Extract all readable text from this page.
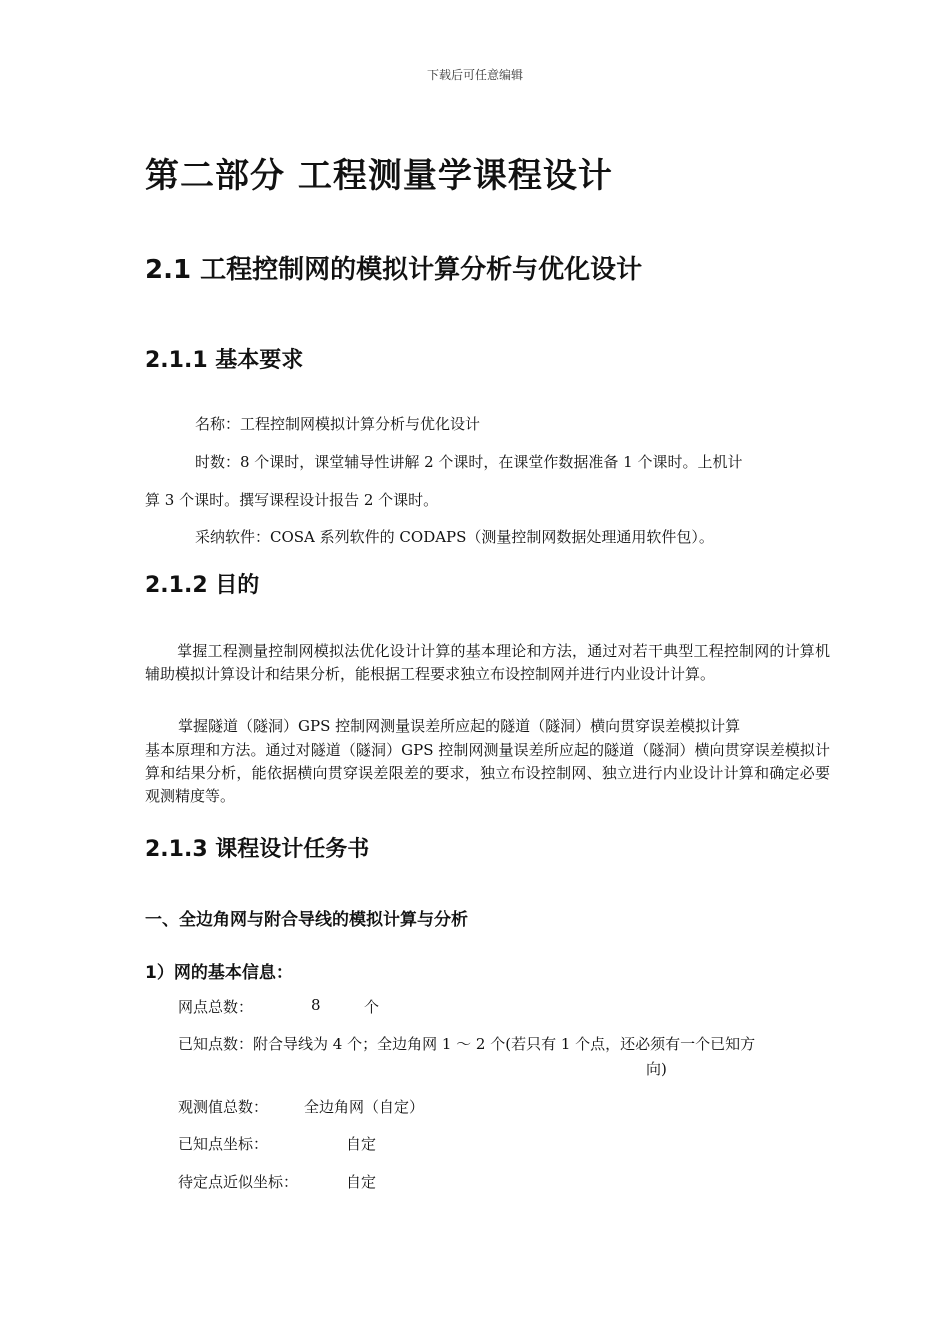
下载后可任意编辑
第二部分 工程测量学课程设计
2.1 工程控制网的模拟计算分析与优化设计
2.1.1 基本要求
名称：工程控制网模拟计算分析与优化设计
时数：8 个课时，课堂辅导性讲解 2 个课时，在课堂作数据准备 1 个课时。上机计
算 3 个课时。撰写课程设计报告 2 个课时。
采纳软件：COSA 系列软件的 CODAPS（测量控制网数据处理通用软件包）。
2.1.2 目的
掌握工程测量控制网模拟法优化设计计算的基本理论和方法，通过对若干典型工程控制网的计算机辅助模拟计算设计和结果分析，能根据工程要求独立布设控制网并进行内业设计计算。
掌握隧道（隧洞）GPS 控制网测量误差所应起的隧道（隧洞）横向贯穿误差模拟计算
基本原理和方法。通过对隧道（隧洞）GPS 控制网测量误差所应起的隧道（隧洞）横向贯穿误差模拟计算和结果分析，能依据横向贯穿误差限差的要求，独立布设控制网、独立进行内业设计计算和确定必要观测精度等。
2.1.3 课程设计任务书
一、全边角网与附合导线的模拟计算与分析
1）网的基本信息：
网点总数：	8	个
已知点数：附合导线为 4 个；全边角网 1 ～ 2 个(若只有 1 个点，还必须有一个已知方
向)
观测值总数： 全边角网（自定）
已知点坐标：	自定
待定点近似坐标：	自定
